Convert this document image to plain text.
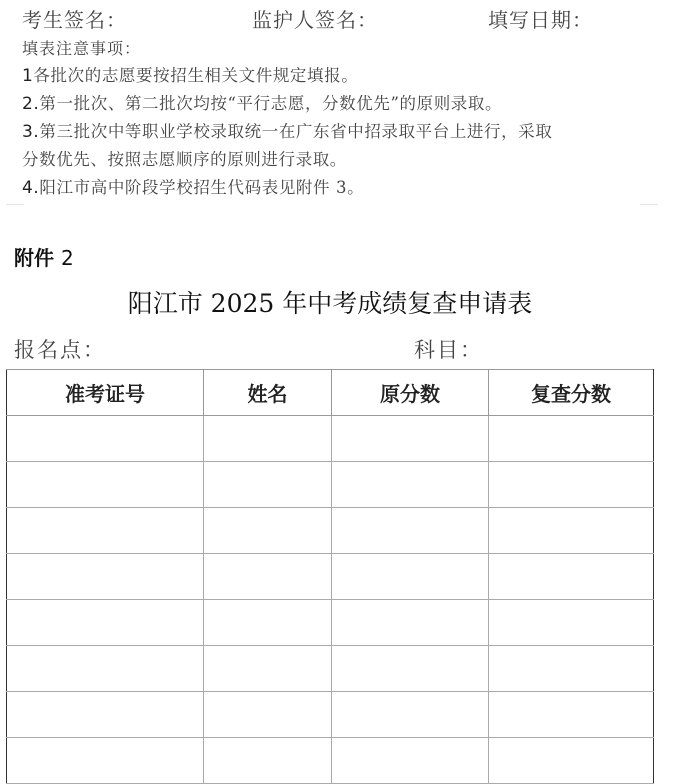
考生签名：	监护人签名：	填写日期：
填表注意事项：
1各批次的志愿要按招生相关文件规定填报。
2.第一批次、第二批次均按“平行志愿，分数优先”的原则录取。
3.第三批次中等职业学校录取统一在广东省中招录取平台上进行，采取
分数优先、按照志愿顺序的原则进行录取。
4.阳江市高中阶段学校招生代码表见附件 3。
附件 2
阳江市 2025 年中考成绩复查申请表
报名点：	科目：
准考证号	姓名	原分数	复查分数
